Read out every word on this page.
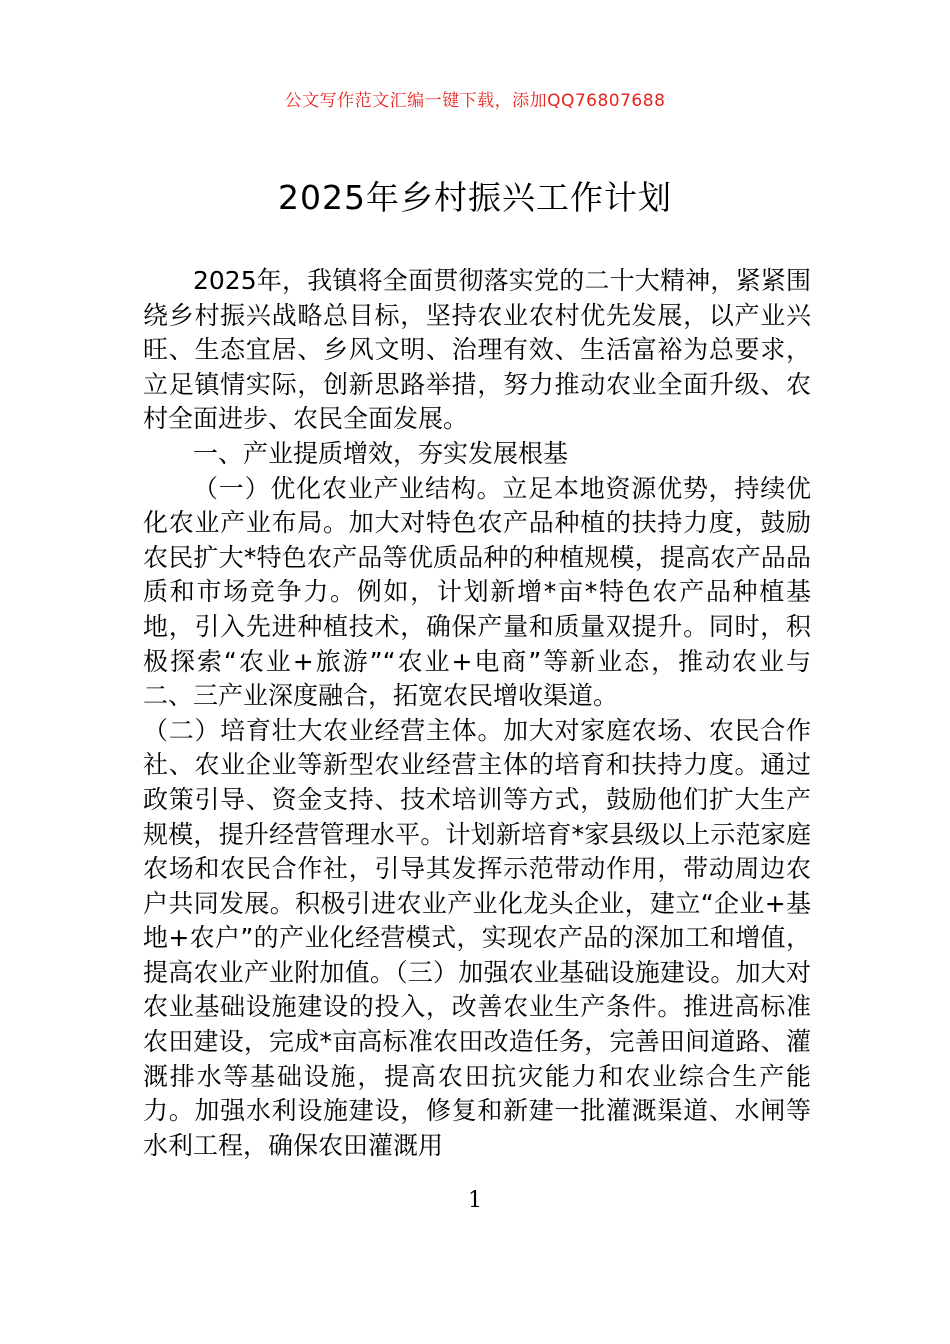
公文写作范文汇编一键下载，添加QQ76807688
2025年乡村振兴工作计划

2025年，我镇将全面贯彻落实党的二十大精神，紧紧围绕乡村振兴战略总目标，坚持农业农村优先发展，以产业兴旺、生态宜居、乡风文明、治理有效、生活富裕为总要求，立足镇情实际，创新思路举措，努力推动农业全面升级、农村全面进步、农民全面发展。

一、产业提质增效，夯实发展根基

（一）优化农业产业结构。立足本地资源优势，持续优化农业产业布局。加大对特色农产品种植的扶持力度，鼓励农民扩大*特色农产品等优质品种的种植规模，提高农产品品质和市场竞争力。例如，计划新增*亩*特色农产品种植基地，引入先进种植技术，确保产量和质量双提升。同时，积极探索“农业+旅游”“农业+电商”等新业态，推动农业与二、三产业深度融合，拓宽农民增收渠道。

（二）培育壮大农业经营主体。加大对家庭农场、农民合作社、农业企业等新型农业经营主体的培育和扶持力度。通过政策引导、资金支持、技术培训等方式，鼓励他们扩大生产规模，提升经营管理水平。计划新培育*家县级以上示范家庭农场和农民合作社，引导其发挥示范带动作用，带动周边农户共同发展。积极引进农业产业化龙头企业，建立“企业+基地+农户”的产业化经营模式，实现农产品的深加工和增值，提高农业产业附加值。（三）加强农业基础设施建设。加大对农业基础设施建设的投入，改善农业生产条件。推进高标准农田建设，完成*亩高标准农田改造任务，完善田间道路、灌溉排水等基础设施，提高农田抗灾能力和农业综合生产能力。加强水利设施建设，修复和新建一批灌溉渠道、水闸等水利工程，确保农田灌溉用

1
